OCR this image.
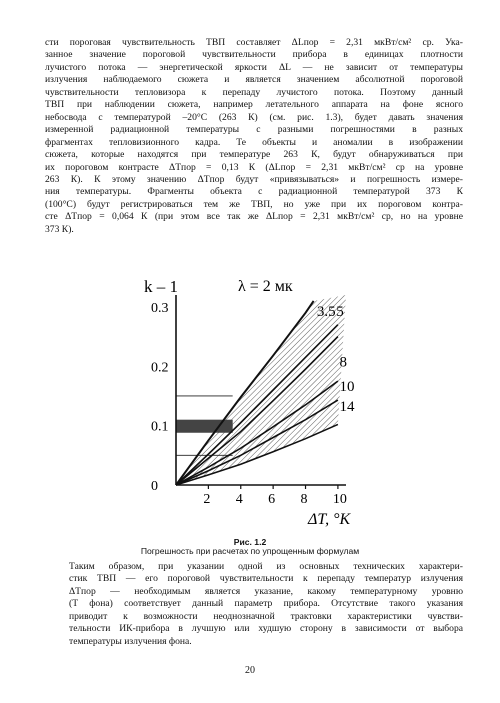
сти пороговая чувствительность ТВП составляет ΔLпор = 2,31 мкВт/см² ср. Ука-
занное значение пороговой чувствительности прибора в единицах плотности
лучистого потока — энергетической яркости ΔL — не зависит от температуры
излучения наблюдаемого сюжета и является значением абсолютной пороговой
чувствительности тепловизора к перепаду лучистого потока. Поэтому данный
ТВП при наблюдении сюжета, например летательного аппарата на фоне ясного
небосвода с температурой –20°С (263 К) (см. рис. 1.3), будет давать значения
измеренной радиационной температуры с разными погрешностями в разных
фрагментах тепловизионного кадра. Те объекты и аномалии в изображении
сюжета, которые находятся при температуре 263 К, будут обнаруживаться при
их пороговом контрасте ΔTпор = 0,13 К (ΔLпор = 2,31 мкВт/см² ср на уровне
263 К). К этому значению ΔTпор будут «привязываться» и погрешность измере-
ния температуры. Фрагменты объекта с радиационной температурой 373 К
(100°С) будут регистрироваться тем же ТВП, но уже при их пороговом контра-
сте ΔTпор = 0,064 К (при этом все так же ΔLпор = 2,31 мкВт/см² ср, но на уровне
373 К).
0
0.1
0.2
0.3
2 4 6 8 10
3.5 5
8
10
14
k – 1
ΔT, °К
λ = 2 мк
Рис. 1.2
Погрешность при расчетах по упрощенным формулам
Таким образом, при указании одной из основных технических характери-
стик ТВП — его пороговой чувствительности к перепаду температур излучения
ΔTпор — необходимым является указание, какому температурному уровню
(T фона) соответствует данный параметр прибора. Отсутствие такого указания
приводит к возможности неоднозначной трактовки характеристики чувстви-
тельности ИК-прибора в лучшую или худшую сторону в зависимости от выбора
температуры излучения фона.
20
